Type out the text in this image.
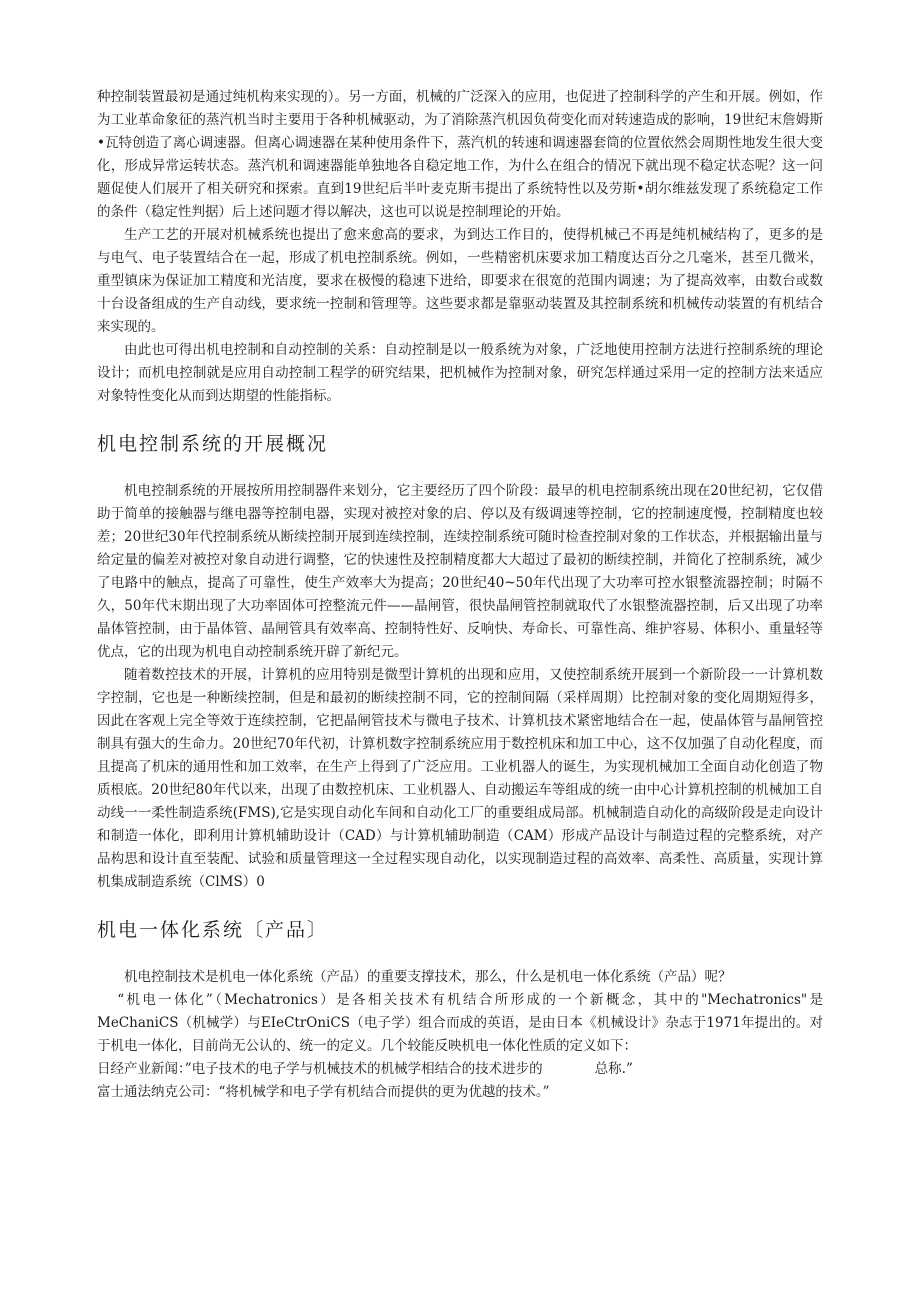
种控制装置最初是通过纯机构来实现的）。另一方面，机械的广泛深入的应用，也促进了控制科学的产生和开展。例如，作为工业革命象征的蒸汽机当时主要用于各种机械驱动，为了消除蒸汽机因负荷变化而对转速造成的影响，19世纪末詹姆斯•瓦特创造了离心调速器。但离心调速器在某种使用条件下，蒸汽机的转速和调速器套筒的位置依然会周期性地发生很大变化，形成异常运转状态。蒸汽机和调速器能单独地各自稳定地工作，为什么在组合的情况下就出现不稳定状态呢？这一问题促使人们展开了相关研究和探索。直到19世纪后半叶麦克斯韦提出了系统特性以及劳斯•胡尔维兹发现了系统稳定工作的条件（稳定性判据）后上述问题才得以解决，这也可以说是控制理论的开始。

生产工艺的开展对机械系统也提出了愈来愈高的要求，为到达工作目的，使得机械己不再是纯机械结构了，更多的是与电气、电子装置结合在一起，形成了机电控制系统。例如，一些精密机床要求加工精度达百分之几毫米，甚至几微米，重型镇床为保证加工精度和光洁度，要求在极慢的稳速下进给，即要求在很宽的范围内调速；为了提高效率，由数台或数十台设备组成的生产自动线，要求统一控制和管理等。这些要求都是靠驱动装置及其控制系统和机械传动装置的有机结合来实现的。

由此也可得出机电控制和自动控制的关系：自动控制是以一般系统为对象，广泛地使用控制方法进行控制系统的理论设计；而机电控制就是应用自动控制工程学的研究结果，把机械作为控制对象，研究怎样通过采用一定的控制方法来适应对象特性变化从而到达期望的性能指标。

机电控制系统的开展概况

机电控制系统的开展按所用控制器件来划分，它主要经历了四个阶段：最早的机电控制系统出现在20世纪初，它仅借助于简单的接触器与继电器等控制电器，实现对被控对象的启、停以及有级调速等控制，它的控制速度慢，控制精度也较差；20世纪30年代控制系统从断续控制开展到连续控制，连续控制系统可随时检查控制对象的工作状态，并根据输出量与给定量的偏差对被控对象自动进行调整，它的快速性及控制精度都大大超过了最初的断续控制，并简化了控制系统，减少了电路中的触点，提高了可靠性，使生产效率大为提高；20世纪40~50年代出现了大功率可控水银整流器控制；时隔不久，50年代末期出现了大功率固体可控整流元件——晶闸管，很快晶闸管控制就取代了水银整流器控制，后又出现了功率晶体管控制，由于晶体管、晶闸管具有效率高、控制特性好、反响快、寿命长、可靠性高、维护容易、体积小、重量轻等优点，它的出现为机电自动控制系统开辟了新纪元。

随着数控技术的开展，计算机的应用特别是微型计算机的出现和应用，又使控制系统开展到一个新阶段一一计算机数字控制，它也是一种断续控制，但是和最初的断续控制不同，它的控制间隔（采样周期）比控制对象的变化周期短得多，因此在客观上完全等效于连续控制，它把晶闸管技术与微电子技术、计算机技术紧密地结合在一起，使晶体管与晶闸管控制具有强大的生命力。20世纪70年代初，计算机数字控制系统应用于数控机床和加工中心，这不仅加强了自动化程度，而且提高了机床的通用性和加工效率，在生产上得到了广泛应用。工业机器人的诞生，为实现机械加工全面自动化创造了物质根底。20世纪80年代以来，出现了由数控机床、工业机器人、自动搬运车等组成的统一由中心计算机控制的机械加工自动线一一柔性制造系统(FMS),它是实现自动化车间和自动化工厂的重要组成局部。机械制造自动化的高级阶段是走向设计和制造一体化，即利用计算机辅助设计（CAD）与计算机辅助制造（CAM）形成产品设计与制造过程的完整系统，对产品构思和设计直至装配、试验和质量管理这一全过程实现自动化，以实现制造过程的高效率、高柔性、高质量，实现计算机集成制造系统（ClMS）0

机电一体化系统〔产品〕

机电控制技术是机电一体化系统（产品）的重要支撑技术，那么，什么是机电一体化系统（产品）呢？

“机电一体化”（Mechatronics）是各相关技术有机结合所形成的一个新概念，其中的"Mechatronics"是MeChaniCS（机械学）与EIeCtrOniCS（电子学）组合而成的英语，是由日本《机械设计》杂志于1971年提出的。对于机电一体化，目前尚无公认的、统一的定义。几个较能反映机电一体化性质的定义如下：

日经产业新闻：”电子技术的电子学与机械技术的机械学相结合的技术进步的	总称.”

富士通法纳克公司：“将机械学和电子学有机结合而提供的更为优越的技术。”
